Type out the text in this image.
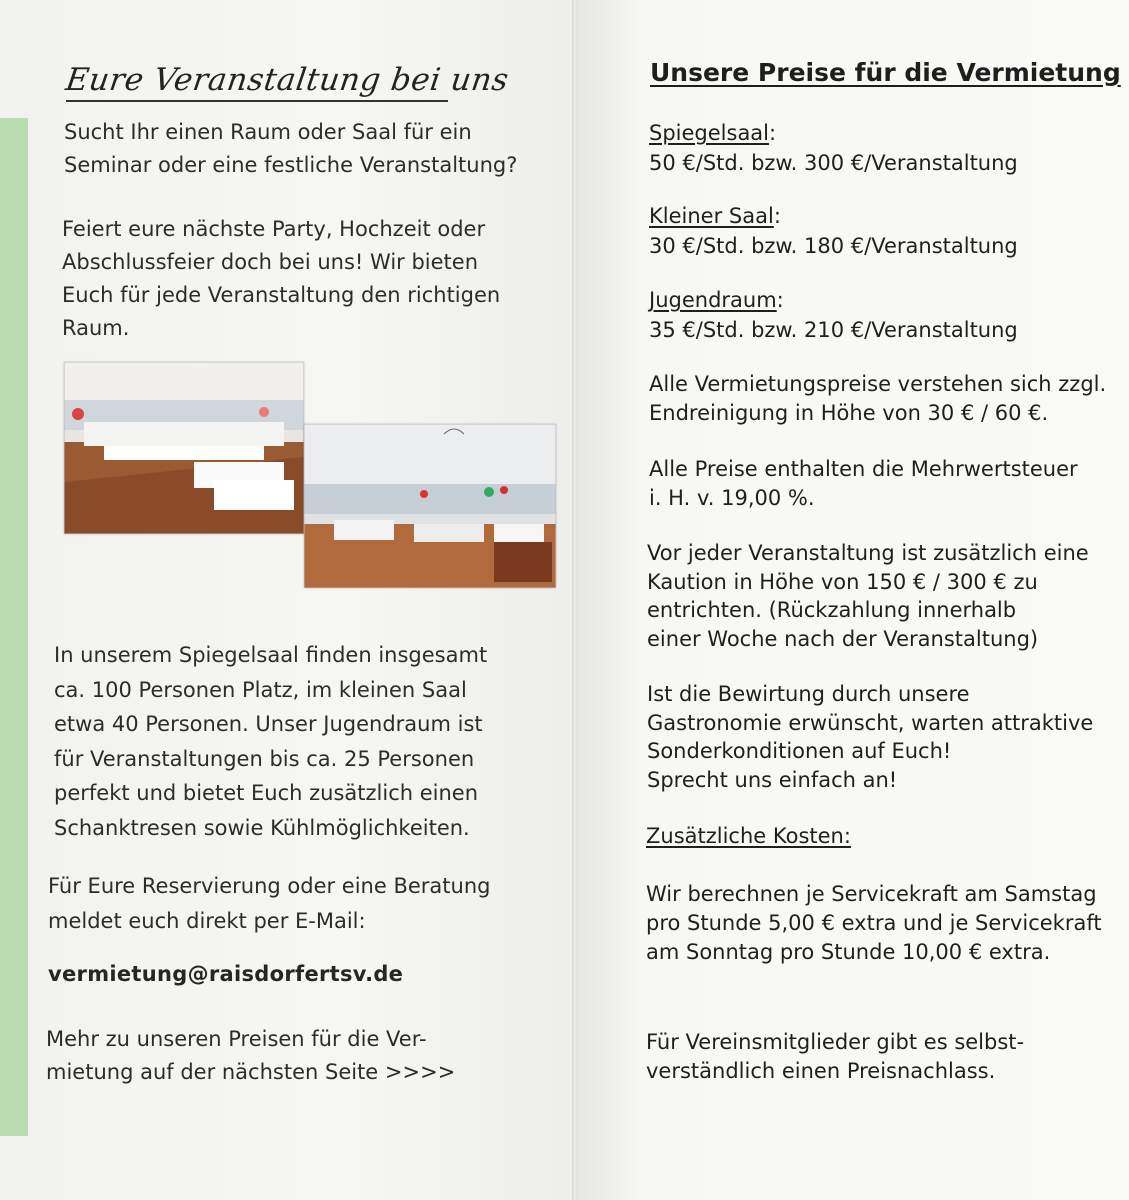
Eure Veranstaltung bei uns

Sucht Ihr einen Raum oder Saal für ein
Seminar oder eine festliche Veranstaltung?

Feiert eure nächste Party, Hochzeit oder
Abschlussfeier doch bei uns! Wir bieten
Euch für jede Veranstaltung den richtigen
Raum.

In unserem Spiegelsaal finden insgesamt
ca. 100 Personen Platz, im kleinen Saal
etwa 40 Personen. Unser Jugendraum ist
für Veranstaltungen bis ca. 25 Personen
perfekt und bietet Euch zusätzlich einen
Schanktresen sowie Kühlmöglichkeiten.

Für Eure Reservierung oder eine Beratung
meldet euch direkt per E-Mail:

vermietung@raisdorfertsv.de

Mehr zu unseren Preisen für die Ver-
mietung auf der nächsten Seite >>>>

Unsere Preise für die Vermietung

Spiegelsaal:
50 €/Std. bzw. 300 €/Veranstaltung

Kleiner Saal:
30 €/Std. bzw. 180 €/Veranstaltung

Jugendraum:
35 €/Std. bzw. 210 €/Veranstaltung

Alle Vermietungspreise verstehen sich zzgl.
Endreinigung in Höhe von 30 € / 60 €.

Alle Preise enthalten die Mehrwertsteuer
i. H. v. 19,00 %.

Vor jeder Veranstaltung ist zusätzlich eine
Kaution in Höhe von 150 € / 300 € zu
entrichten. (Rückzahlung innerhalb
einer Woche nach der Veranstaltung)

Ist die Bewirtung durch unsere
Gastronomie erwünscht, warten attraktive
Sonderkonditionen auf Euch!
Sprecht uns einfach an!

Zusätzliche Kosten:

Wir berechnen je Servicekraft am Samstag
pro Stunde 5,00 € extra und je Servicekraft
am Sonntag pro Stunde 10,00 € extra.

Für Vereinsmitglieder gibt es selbst-
verständlich einen Preisnachlass.
